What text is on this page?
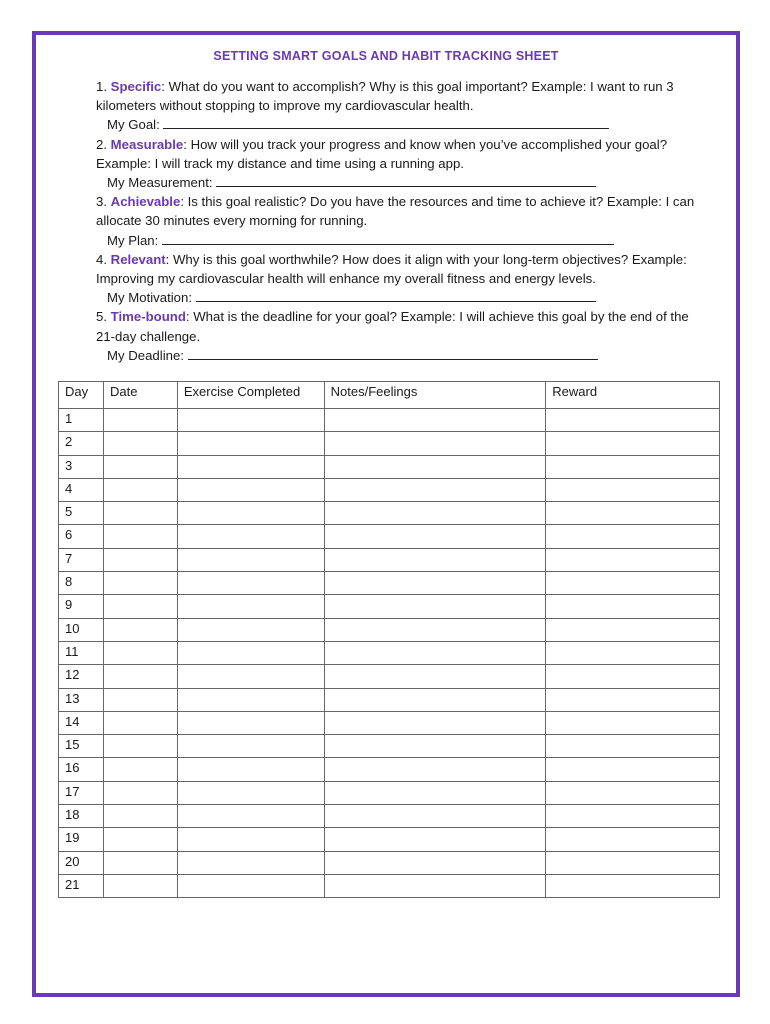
SETTING SMART GOALS AND HABIT TRACKING SHEET

1. Specific: What do you want to accomplish? Why is this goal important? Example: I want to run 3 kilometers without stopping to improve my cardiovascular health.

My Goal:

2. Measurable: How will you track your progress and know when you’ve accomplished your goal? Example: I will track my distance and time using a running app.

My Measurement:

3. Achievable: Is this goal realistic? Do you have the resources and time to achieve it? Example: I can allocate 30 minutes every morning for running.

My Plan:

4. Relevant: Why is this goal worthwhile? How does it align with your long-term objectives? Example: Improving my cardiovascular health will enhance my overall fitness and energy levels.

My Motivation:

5. Time-bound: What is the deadline for your goal? Example: I will achieve this goal by the end of the 21-day challenge.

My Deadline:

Day	Date	Exercise Completed	Notes/Feelings	Reward
1				
2				
3				
4				
5				
6				
7				
8				
9				
10				
11				
12				
13				
14				
15				
16				
17				
18				
19				
20				
21				
